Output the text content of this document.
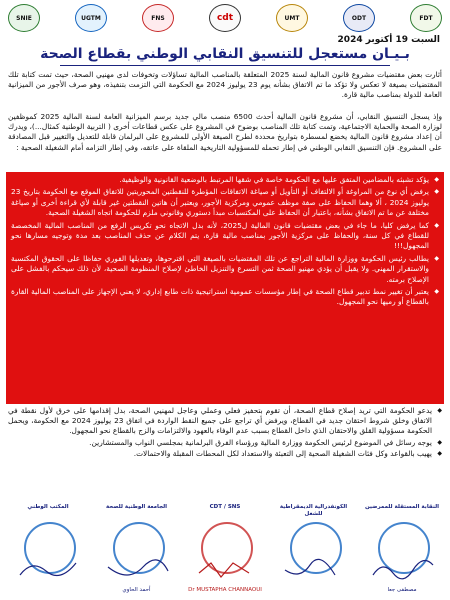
SNIE	UGTM	FNS	cdt	UMT	ODT	FDT
السبت 19 أكتوبر 2024
بـيـان مستعجل للتنسيق النقابي الوطني بقطاع الصحة

أثارت بعض مقتضيات مشروع قانون المالية لسنة 2025 المتعلقة بالمناصب المالية تساؤلات وتخوفات لدى مهنيي الصحة، حيث تمت كتابة تلك المقتضيات بصيغة لا تعكس ولا تؤكد ما تم الاتفاق بشأنه يوم 23 يوليوز 2024 مع الحكومة التي التزمت بتنفيذه، وهو صرف الأجور من الميزانية العامة للدولة بمناصب مالية قارة.

وإذ يسجل التنسيق النقابي، أن مشروع قانون المالية أحدث 6500 منصب مالي جديد برسم الميزانية العامة لسنة المالية 2025 كموظفين لوزارة الصحة والحماية الاجتماعية، وتمت كتابة تلك المناصب بوضوح في المشروع على عكس قطاعات أخرى ( التربية الوطنية كمثال...)، ويدرك أن إعداد مشروع قانون المالية يخضع لمسطرة بتواريخ محددة لطرح الصيغة الأولى للمشروع على البرلمان قابلة للتعديل والتغيير قبل المصادقة على المشروع. فإن التنسيق النقابي الوطني في إطار تحمله للمسؤولية التاريخية الملقاة على عاتقه، وفي إطار التزامه أمام الشغيلة الصحية :

◆ يؤكد تشبثه بالمضامين المتفق عليها مع الحكومة خاصة في شقها المرتبط بالوضعية القانونية والوظيفية.
◆ يرفض أي نوع من المراوغة أو الالتفاف أو التأويل أو صياغة الاتفاقات المؤطرة للنقطتين المحوريتين للاتفاق الموقع مع الحكومة بتاريخ 23 يوليوز 2024 ، ألا وهما الحفاظ على صفة موظف عمومي ومركزية الأجور، ويعتبر أن هاتين النقطتين غير قابلة لأي قراءة أخرى أو صياغة مختلفة عن ما تم الاتفاق بشأنه، باعتبار أن الحفاظ على المكتسبات مبدأ دستوري وقانوني ملزم للحكومة اتجاه الشغيلة الصحية.
◆ كما يرفض كليا، ما جاء في بعض مقتضيات قانون المالية ل2025، لأنه بدل الاتجاه نحو تكريس الرفع من المناصب المالية المخصصة للقطاع في كل سنة، والحفاظ على مركزية الأجور بمناصب مالية قارة، يتم الكلام عن حذف المناصب بعد مدة وتوجيه مسارها نحو المجهول!!!
◆ يطالب رئيس الحكومة ووزارة المالية التراجع عن تلك المقتضيات بالصيغة التي اقترحوها، وتعديلها الفوري حفاظا على الحقوق المكتسبة والاستقرار المهني. ولا يقبل أن يؤدي مهنيو الصحة ثمن التسرع والتنزيل الخاطئ لإصلاح المنظومة الصحية، لأن ذلك سيحكم بالفشل على الإصلاح برمته.
◆ يعتبر أن تغيير نمط تدبير قطاع الصحة في إطار مؤسسات عمومية استراتيجية ذات طابع إداري، لا يعني الإجهاز على المناصب المالية القارة بالقطاع أو رميها نحو المجهول.
◆ يدعو الحكومة التي تريد إصلاح قطاع الصحة، أن تقوم بتحفيز فعلي وعملي وعاجل لمهنيي الصحة، بدل إقدامها على خرق لأول نقطة في الاتفاق وخلق شروط احتقان جديد في القطاع، ويرفض أي تراجع على جميع النقط الواردة في اتفاق 23 يوليوز 2024 مع الحكومة، ويحمل الحكومة مسؤولية القلق والاحتقان الذي داخل القطاع بسبب عدم الوفاء بالعهود والالتزامات والزج بالقطاع نحو المجهول.
◆ يوجه رسائل في الموضوع لرئيس الحكومة ووزارة المالية ورؤساء الفرق البرلمانية بمجلسي النواب والمستشارين.
◆ يهيب بالقواعد وكل فئات الشغيلة الصحية إلى التعبئة والاستعداد لكل المحطات المقبلة والاحتمالات.
النقابة المستقلة للممرضين
مصطفى جعا
الكونفدرالية الديمقراطية للشغل
CDT / SNS
Dr MUSTAPHA CHANNAOUI
الجامعة الوطنية للصحة
أحمد الحاوي
المكتب الوطني
